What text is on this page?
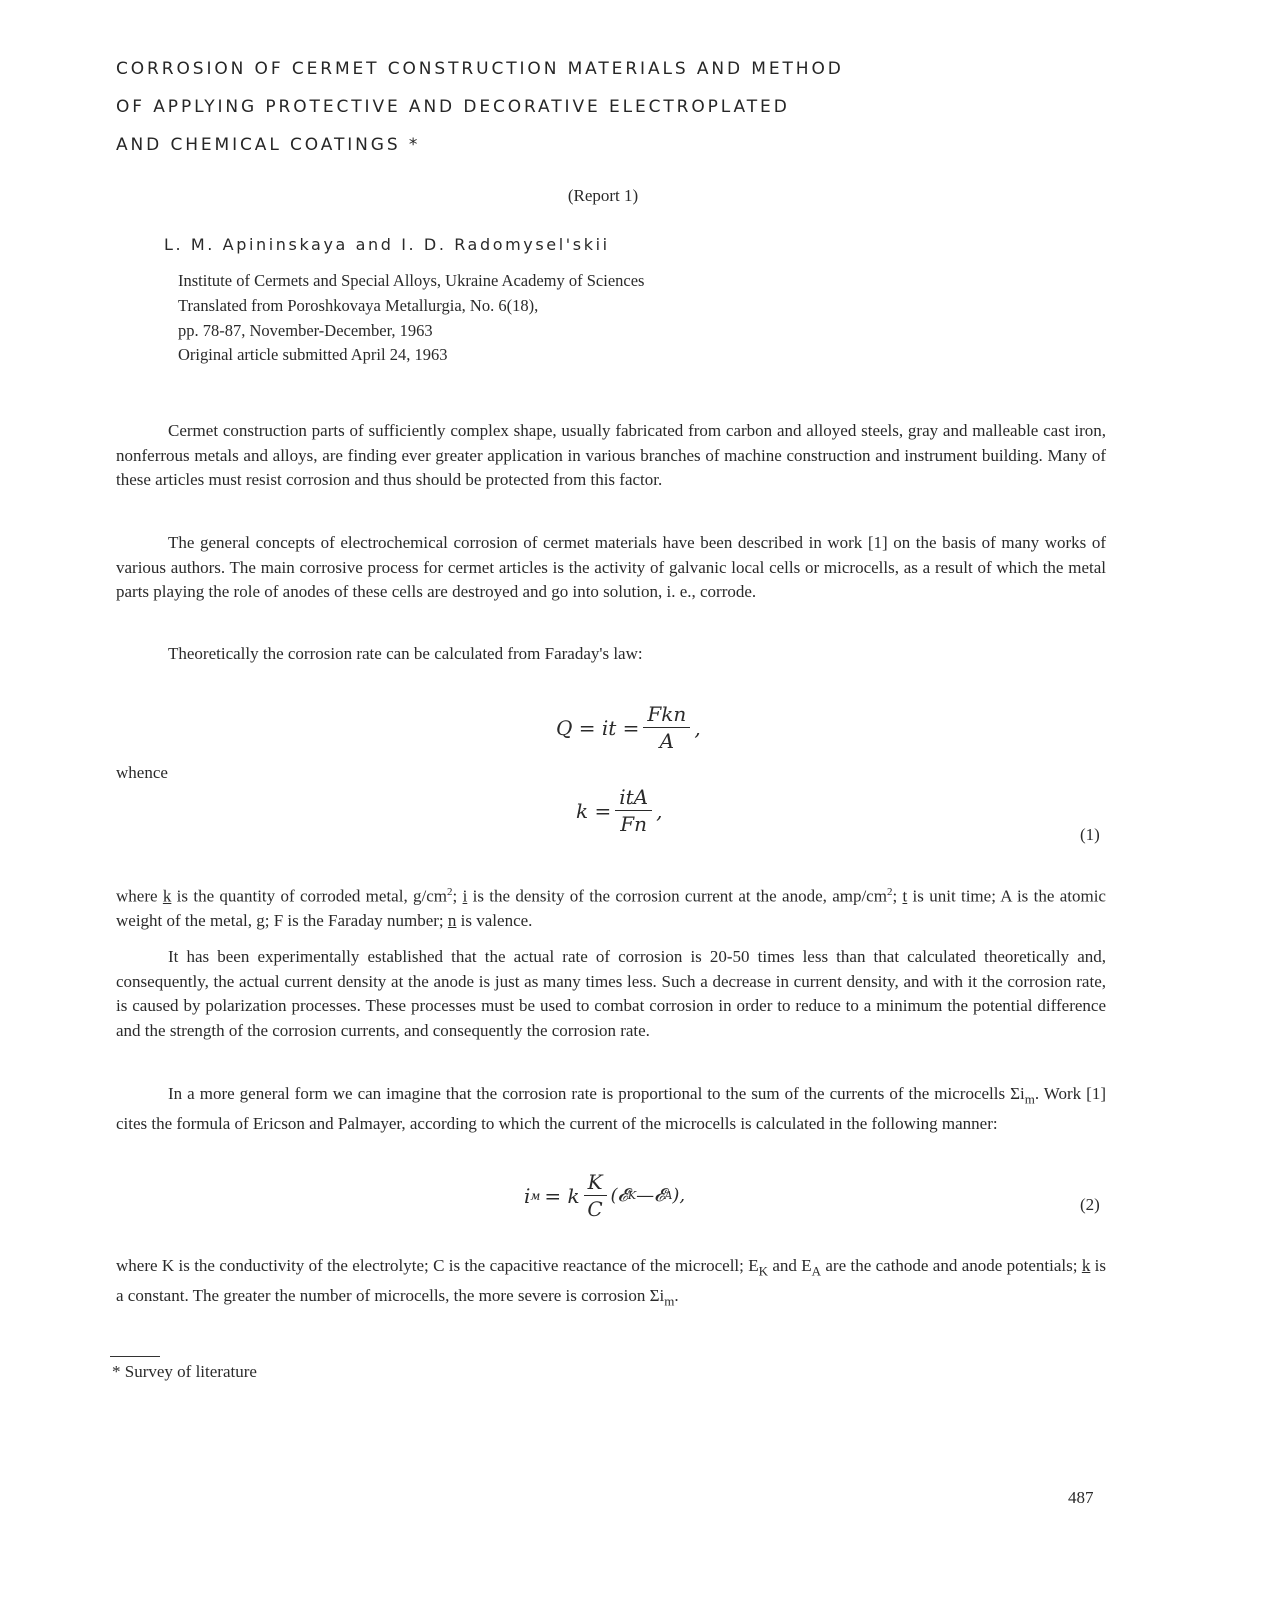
CORROSION OF CERMET CONSTRUCTION MATERIALS AND METHOD
OF APPLYING PROTECTIVE AND DECORATIVE ELECTROPLATED
AND CHEMICAL COATINGS *
(Report 1)
L. M. Apininskaya and I. D. Radomysel'skii
Institute of Cermets and Special Alloys, Ukraine Academy of Sciences
Translated from Poroshkovaya Metallurgia, No. 6(18),
pp. 78-87, November-December, 1963
Original article submitted April 24, 1963

Cermet construction parts of sufficiently complex shape, usually fabricated from carbon and alloyed steels, gray and malleable cast iron, nonferrous metals and alloys, are finding ever greater application in various branches of machine construction and instrument building. Many of these articles must resist corrosion and thus should be protected from this factor.

The general concepts of electrochemical corrosion of cermet materials have been described in work [1] on the basis of many works of various authors. The main corrosive process for cermet articles is the activity of galvanic local cells or microcells, as a result of which the metal parts playing the role of anodes of these cells are destroyed and go into solution, i. e., corrode.

Theoretically the corrosion rate can be calculated from Faraday's law:

Q = it = $\frac{\text{Fkn}}{A}$ ,
whence
$k = \frac{\text{itA}}{Fn}$ ,
(1)

where k is the quantity of corroded metal, $g/cm^2$; i is the density of the corrosion current at the anode, amp/$cm^2$; t is unit time; A is the atomic weight of the metal, g; F is the Faraday number; n is valence.

It has been experimentally established that the actual rate of corrosion is 20-50 times less than that calculated theoretically and, consequently, the actual current density at the anode is just as many times less. Such a decrease in current density, and with it the corrosion rate, is caused by polarization processes. These processes must be used to combat corrosion in order to reduce to a minimum the potential difference and the strength of the corrosion currents, and consequently the corrosion rate.

In a more general form we can imagine that the corrosion rate is proportional to the sum of the currents of the microcells $\Sigma i_m$. Work [1] cites the formula of Ericson and Palmayer, according to which the current of the microcells is calculated in the following manner:

i м = k $\frac{K}{C}$ (𝓔 K —𝓔 A ),	(2)

where K is the conductivity of the electrolyte; C is the capacitive reactance of the microcell; $E_K$ and $E_A$ are the cathode and anode potentials; k is a constant. The greater the number of microcells, the more severe is corrosion $\Sigma i_m$.

* Survey of literature
487
